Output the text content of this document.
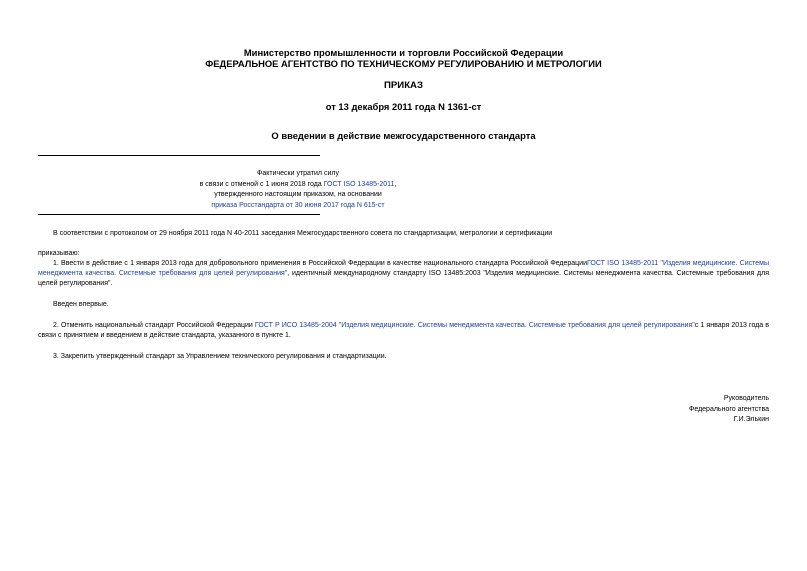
Министерство промышленности и торговли Российской Федерации
ФЕДЕРАЛЬНОЕ АГЕНТСТВО ПО ТЕХНИЧЕСКОМУ РЕГУЛИРОВАНИЮ И МЕТРОЛОГИИ
ПРИКАЗ
от 13 декабря 2011 года N 1361-ст
О введении в действие межгосударственного стандарта
Фактически утратил силу
в связи с отменой с 1 июня 2018 года ГОСТ ISO 13485-2011,
утвержденного настоящим приказом, на основании
приказа Росстандарта от 30 июня 2017 года N 615-ст
В соответствии с протоколом от 29 ноября 2011 года N 40-2011 заседания Межгосударственного совета по стандартизации, метрологии и сертификации
приказываю:
1. Ввести в действие с 1 января 2013 года для добровольного применения в Российской Федерации в качестве национального стандарта Российской ФедерацииГОСТ ISO 13485-2011 "Изделия медицинские. Системы менеджмента качества. Системные требования для целей регулирования", идентичный международному стандарту ISO 13485:2003 "Изделия медицинские. Системы менеджмента качества. Системные требования для целей регулирования".
Введен впервые.
2. Отменить национальный стандарт Российской Федерации ГОСТ Р ИСО 13485-2004 "Изделия медицинские. Системы менеджмента качества. Системные требования для целей регулирования"с 1 января 2013 года в связи с принятием и введением в действие стандарта, указанного в пункте 1.
3. Закрепить утвержденный стандарт за Управлением технического регулирования и стандартизации.
Руководитель
Федерального агентства
Г.И.Элькин
